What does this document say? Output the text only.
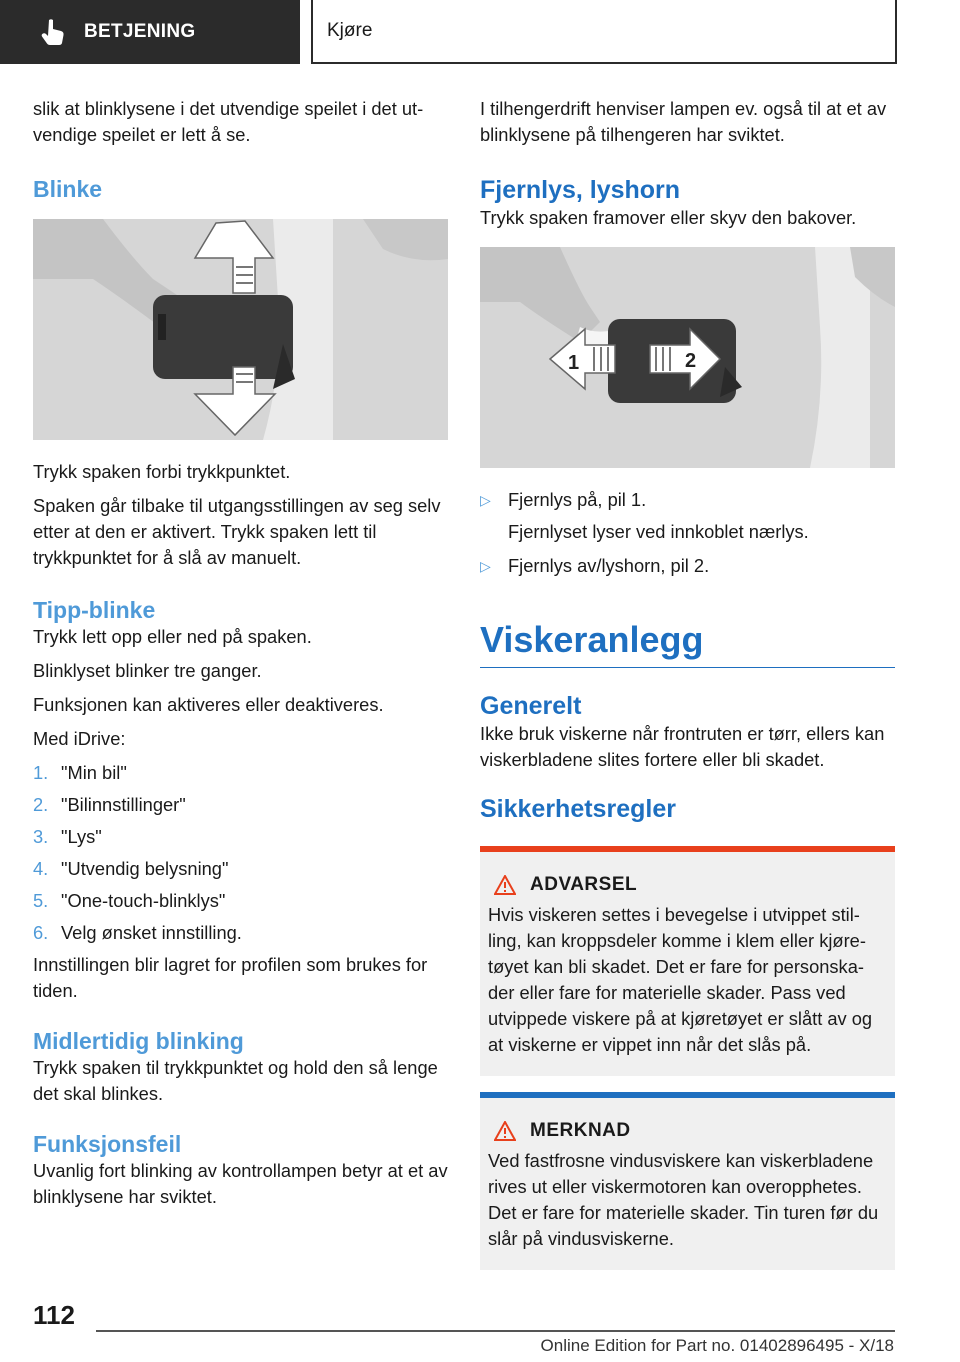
BETJENING	Kjøre

slik at blinklysene i det utvendige speilet i det ut-vendige speilet er lett å se.

Blinke

Trykk spaken forbi trykkpunktet.

Spaken går tilbake til utgangsstillingen av seg selv etter at den er aktivert. Trykk spaken lett til trykkpunktet for å slå av manuelt.

Tipp-blinke

Trykk lett opp eller ned på spaken.

Blinklyset blinker tre ganger.

Funksjonen kan aktiveres eller deaktiveres.

Med iDrive:

1. "Min bil"
2. "Bilinnstillinger"
3. "Lys"
4. "Utvendig belysning"
5. "One-touch-blinklys"
6. Velg ønsket innstilling.

Innstillingen blir lagret for profilen som brukes for tiden.

Midlertidig blinking

Trykk spaken til trykkpunktet og hold den så lenge det skal blinkes.

Funksjonsfeil

Uvanlig fort blinking av kontrollampen betyr at et av blinklysene har sviktet.

I tilhengerdrift henviser lampen ev. også til at et av blinklysene på tilhengeren har sviktet.

Fjernlys, lyshorn

Trykk spaken framover eller skyv den bakover.

1	2
▷ Fjernlys på, pil 1.
Fjernlyset lyser ved innkoblet nærlys.
▷ Fjernlys av/lyshorn, pil 2.
Viskeranlegg
Generelt

Ikke bruk viskerne når frontruten er tørr, ellers kan viskerbladene slites fortere eller bli skadet.

Sikkerhetsregler
ADVARSEL

Hvis viskeren settes i bevegelse i utvippet stil-ling, kan kroppsdeler komme i klem eller kjøre-tøyet kan bli skadet. Det er fare for personska-der eller fare for materielle skader. Pass ved utvippede viskere på at kjøretøyet er slått av og at viskerne er vippet inn når det slås på.

MERKNAD

Ved fastfrosne vindusviskere kan viskerbladene rives ut eller viskermotoren kan overopphetes. Det er fare for materielle skader. Tin turen før du slår på vindusviskerne.

112
Online Edition for Part no. 01402896495 - X/18
